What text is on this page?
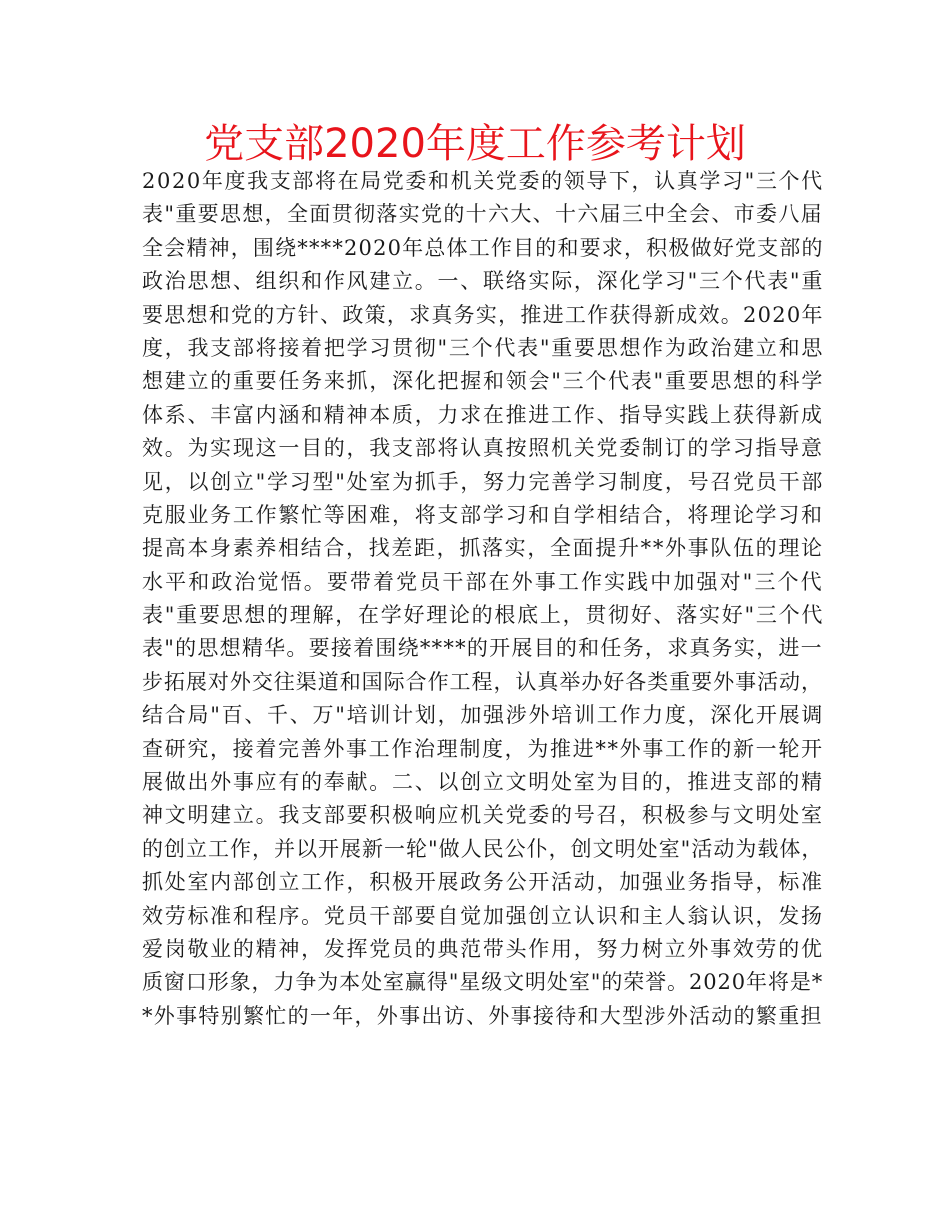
党支部2020年度工作参考计划
2020年度我支部将在局党委和机关党委的领导下，认真学习"三个代
表"重要思想，全面贯彻落实党的十六大、十六届三中全会、市委八届
全会精神，围绕****2020年总体工作目的和要求，积极做好党支部的
政治思想、组织和作风建立。一、联络实际，深化学习"三个代表"重
要思想和党的方针、政策，求真务实，推进工作获得新成效。2020年
度，我支部将接着把学习贯彻"三个代表"重要思想作为政治建立和思
想建立的重要任务来抓，深化把握和领会"三个代表"重要思想的科学
体系、丰富内涵和精神本质，力求在推进工作、指导实践上获得新成
效。为实现这一目的，我支部将认真按照机关党委制订的学习指导意
见，以创立"学习型"处室为抓手，努力完善学习制度，号召党员干部
克服业务工作繁忙等困难，将支部学习和自学相结合，将理论学习和
提高本身素养相结合，找差距，抓落实，全面提升**外事队伍的理论
水平和政治觉悟。要带着党员干部在外事工作实践中加强对"三个代
表"重要思想的理解，在学好理论的根底上，贯彻好、落实好"三个代
表"的思想精华。要接着围绕****的开展目的和任务，求真务实，进一
步拓展对外交往渠道和国际合作工程，认真举办好各类重要外事活动，
结合局"百、千、万"培训计划，加强涉外培训工作力度，深化开展调
查研究，接着完善外事工作治理制度，为推进**外事工作的新一轮开
展做出外事应有的奉献。二、以创立文明处室为目的，推进支部的精
神文明建立。我支部要积极响应机关党委的号召，积极参与文明处室
的创立工作，并以开展新一轮"做人民公仆，创文明处室"活动为载体，
抓处室内部创立工作，积极开展政务公开活动，加强业务指导，标准
效劳标准和程序。党员干部要自觉加强创立认识和主人翁认识，发扬
爱岗敬业的精神，发挥党员的典范带头作用，努力树立外事效劳的优
质窗口形象，力争为本处室赢得"星级文明处室"的荣誉。2020年将是*
*外事特别繁忙的一年，外事出访、外事接待和大型涉外活动的繁重担
